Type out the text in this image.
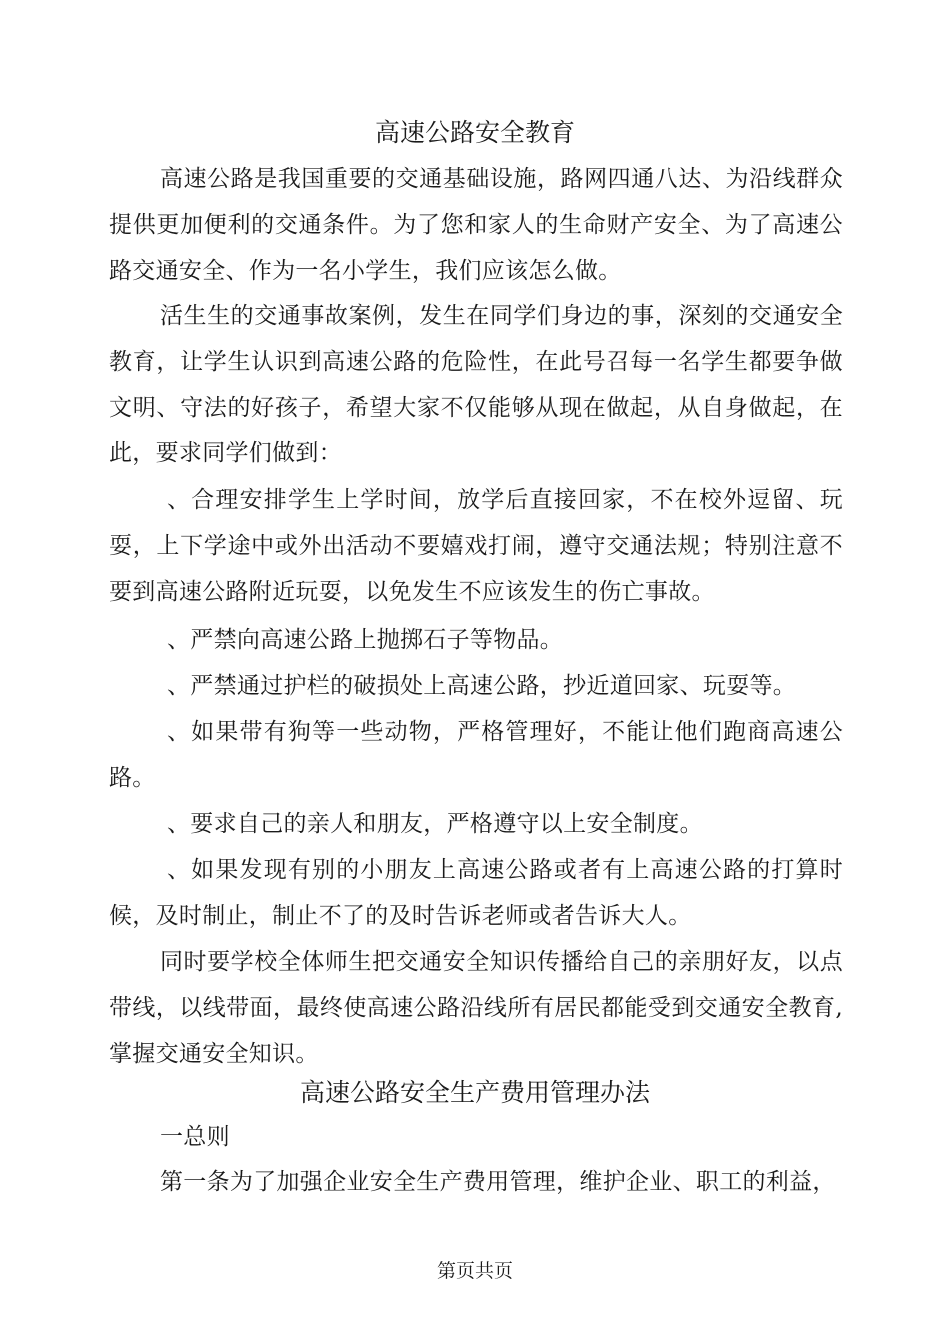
高速公路安全教育
高速公路是我国重要的交通基础设施，路网四通八达、为沿线群众提供更加便利的交通条件。为了您和家人的生命财产安全、为了高速公路交通安全、作为一名小学生，我们应该怎么做。
活生生的交通事故案例，发生在同学们身边的事，深刻的交通安全教育，让学生认识到高速公路的危险性，在此号召每一名学生都要争做文明、守法的好孩子，希望大家不仅能够从现在做起，从自身做起，在此，要求同学们做到：
、合理安排学生上学时间，放学后直接回家，不在校外逗留、玩耍，上下学途中或外出活动不要嬉戏打闹，遵守交通法规；特别注意不要到高速公路附近玩耍，以免发生不应该发生的伤亡事故。
、严禁向高速公路上抛掷石子等物品。
、严禁通过护栏的破损处上高速公路，抄近道回家、玩耍等。
、如果带有狗等一些动物，严格管理好，不能让他们跑商高速公路。
、要求自己的亲人和朋友，严格遵守以上安全制度。
、如果发现有别的小朋友上高速公路或者有上高速公路的打算时候，及时制止，制止不了的及时告诉老师或者告诉大人。
同时要学校全体师生把交通安全知识传播给自己的亲朋好友，以点带线，以线带面，最终使高速公路沿线所有居民都能受到交通安全教育,掌握交通安全知识。
高速公路安全生产费用管理办法
一总则
第一条为了加强企业安全生产费用管理，维护企业、职工的利益，
第页共页
